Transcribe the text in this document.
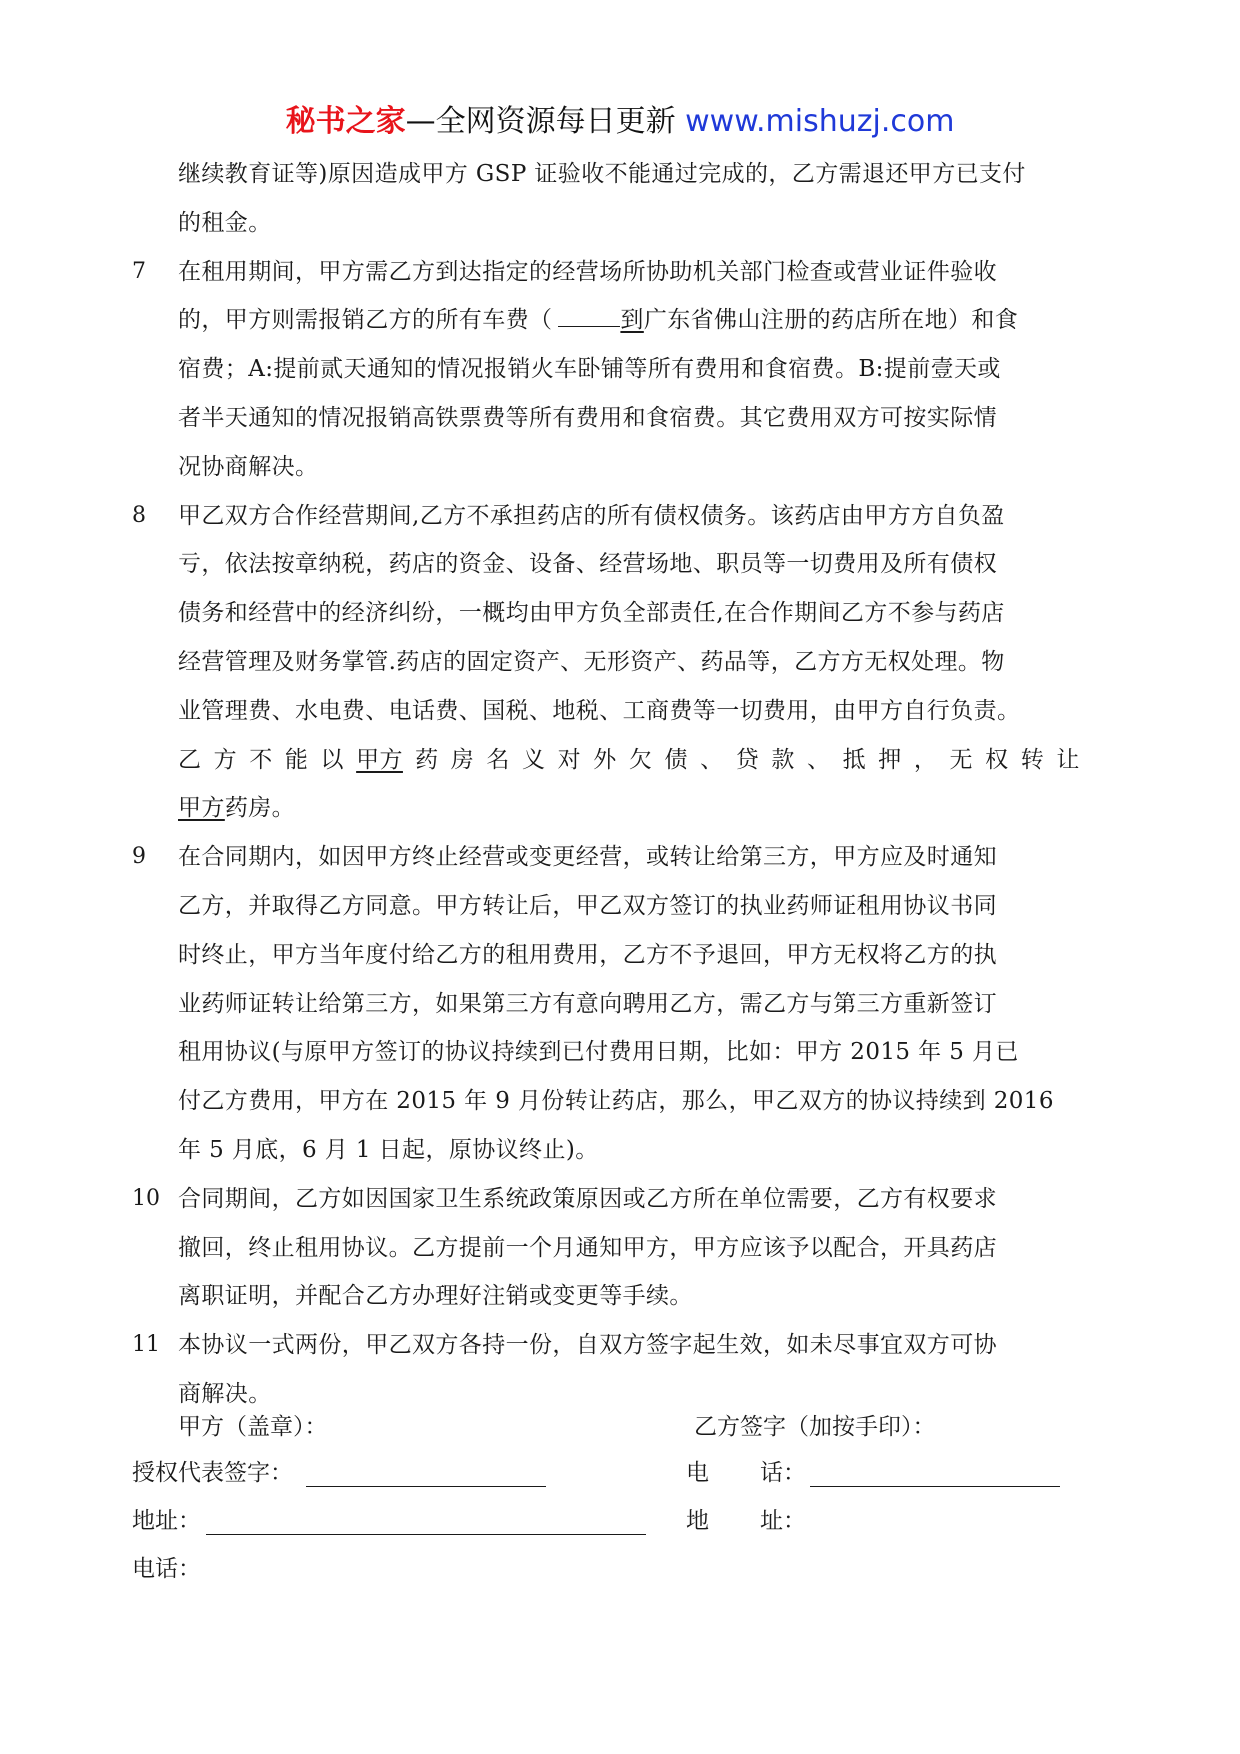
秘书之家—全网资源每日更新 www.mishuzj.com
继续教育证等)原因造成甲方 GSP 证验收不能通过完成的，乙方需退还甲方已支付
的租金。
7 在租用期间，甲方需乙方到达指定的经营场所协助机关部门检查或营业证件验收
的，甲方则需报销乙方的所有车费（	到广东省佛山注册的药店所在地）和食
宿费；A:提前贰天通知的情况报销火车卧铺等所有费用和食宿费。B:提前壹天或
者半天通知的情况报销高铁票费等所有费用和食宿费。其它费用双方可按实际情
况协商解决。
8 甲乙双方合作经营期间,乙方不承担药店的所有债权债务。该药店由甲方方自负盈
亏，依法按章纳税，药店的资金、设备、经营场地、职员等一切费用及所有债权
债务和经营中的经济纠纷，一概均由甲方负全部责任,在合作期间乙方不参与药店
经营管理及财务掌管.药店的固定资产、无形资产、药品等，乙方方无权处理。物
业管理费、水电费、电话费、国税、地税、工商费等一切费用，由甲方自行负责。
乙 方 不 能 以 甲方 药 房 名 义 对 外 欠 债 、 贷 款 、 抵 押 ， 无 权 转 让
甲方药房。
9 在合同期内，如因甲方终止经营或变更经营，或转让给第三方，甲方应及时通知
乙方，并取得乙方同意。甲方转让后，甲乙双方签订的执业药师证租用协议书同
时终止，甲方当年度付给乙方的租用费用，乙方不予退回，甲方无权将乙方的执
业药师证转让给第三方，如果第三方有意向聘用乙方，需乙方与第三方重新签订
租用协议(与原甲方签订的协议持续到已付费用日期，比如：甲方 2015 年 5 月已
付乙方费用，甲方在 2015 年 9 月份转让药店，那么，甲乙双方的协议持续到 2016
年 5 月底，6 月 1 日起，原协议终止)。
10 合同期间，乙方如因国家卫生系统政策原因或乙方所在单位需要，乙方有权要求
撤回，终止租用协议。乙方提前一个月通知甲方，甲方应该予以配合，开具药店
离职证明，并配合乙方办理好注销或变更等手续。
11 本协议一式两份，甲乙双方各持一份，自双方签字起生效，如未尽事宜双方可协
商解决。
甲方（盖章）：	乙方签字（加按手印）：
授权代表签字：	电 话：
地址：	地 址：
电话：
